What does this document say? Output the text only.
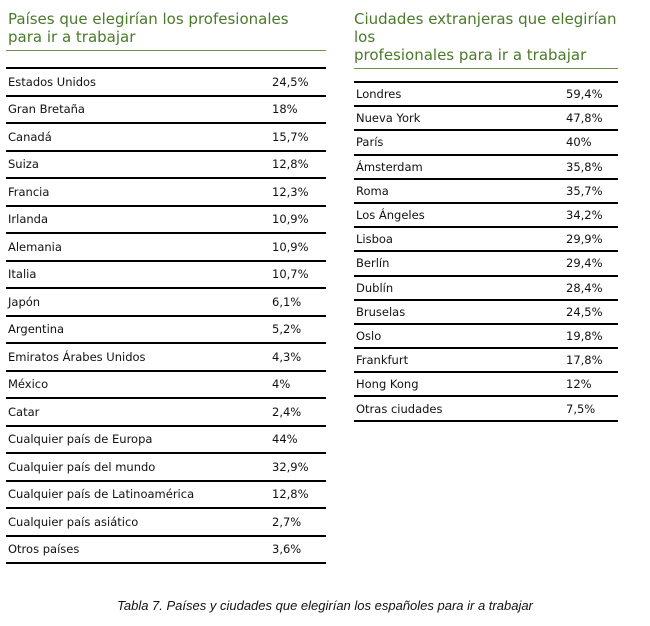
Países que elegirían los profesionales
para ir a trabajar
Estados Unidos	24,5%
Gran Bretaña	18%
Canadá	15,7%
Suiza	12,8%
Francia	12,3%
Irlanda	10,9%
Alemania	10,9%
Italia	10,7%
Japón	6,1%
Argentina	5,2%
Emiratos Árabes Unidos	4,3%
México	4%
Catar	2,4%
Cualquier país de Europa	44%
Cualquier país del mundo	32,9%
Cualquier país de Latinoamérica	12,8%
Cualquier país asiático	2,7%
Otros países	3,6%
Ciudades extranjeras que elegirían los
profesionales para ir a trabajar
Londres	59,4%
Nueva York	47,8%
París	40%
Ámsterdam	35,8%
Roma	35,7%
Los Ángeles	34,2%
Lisboa	29,9%
Berlín	29,4%
Dublín	28,4%
Bruselas	24,5%
Oslo	19,8%
Frankfurt	17,8%
Hong Kong	12%
Otras ciudades	7,5%
Tabla 7. Países y ciudades que elegirían los españoles para ir a trabajar
